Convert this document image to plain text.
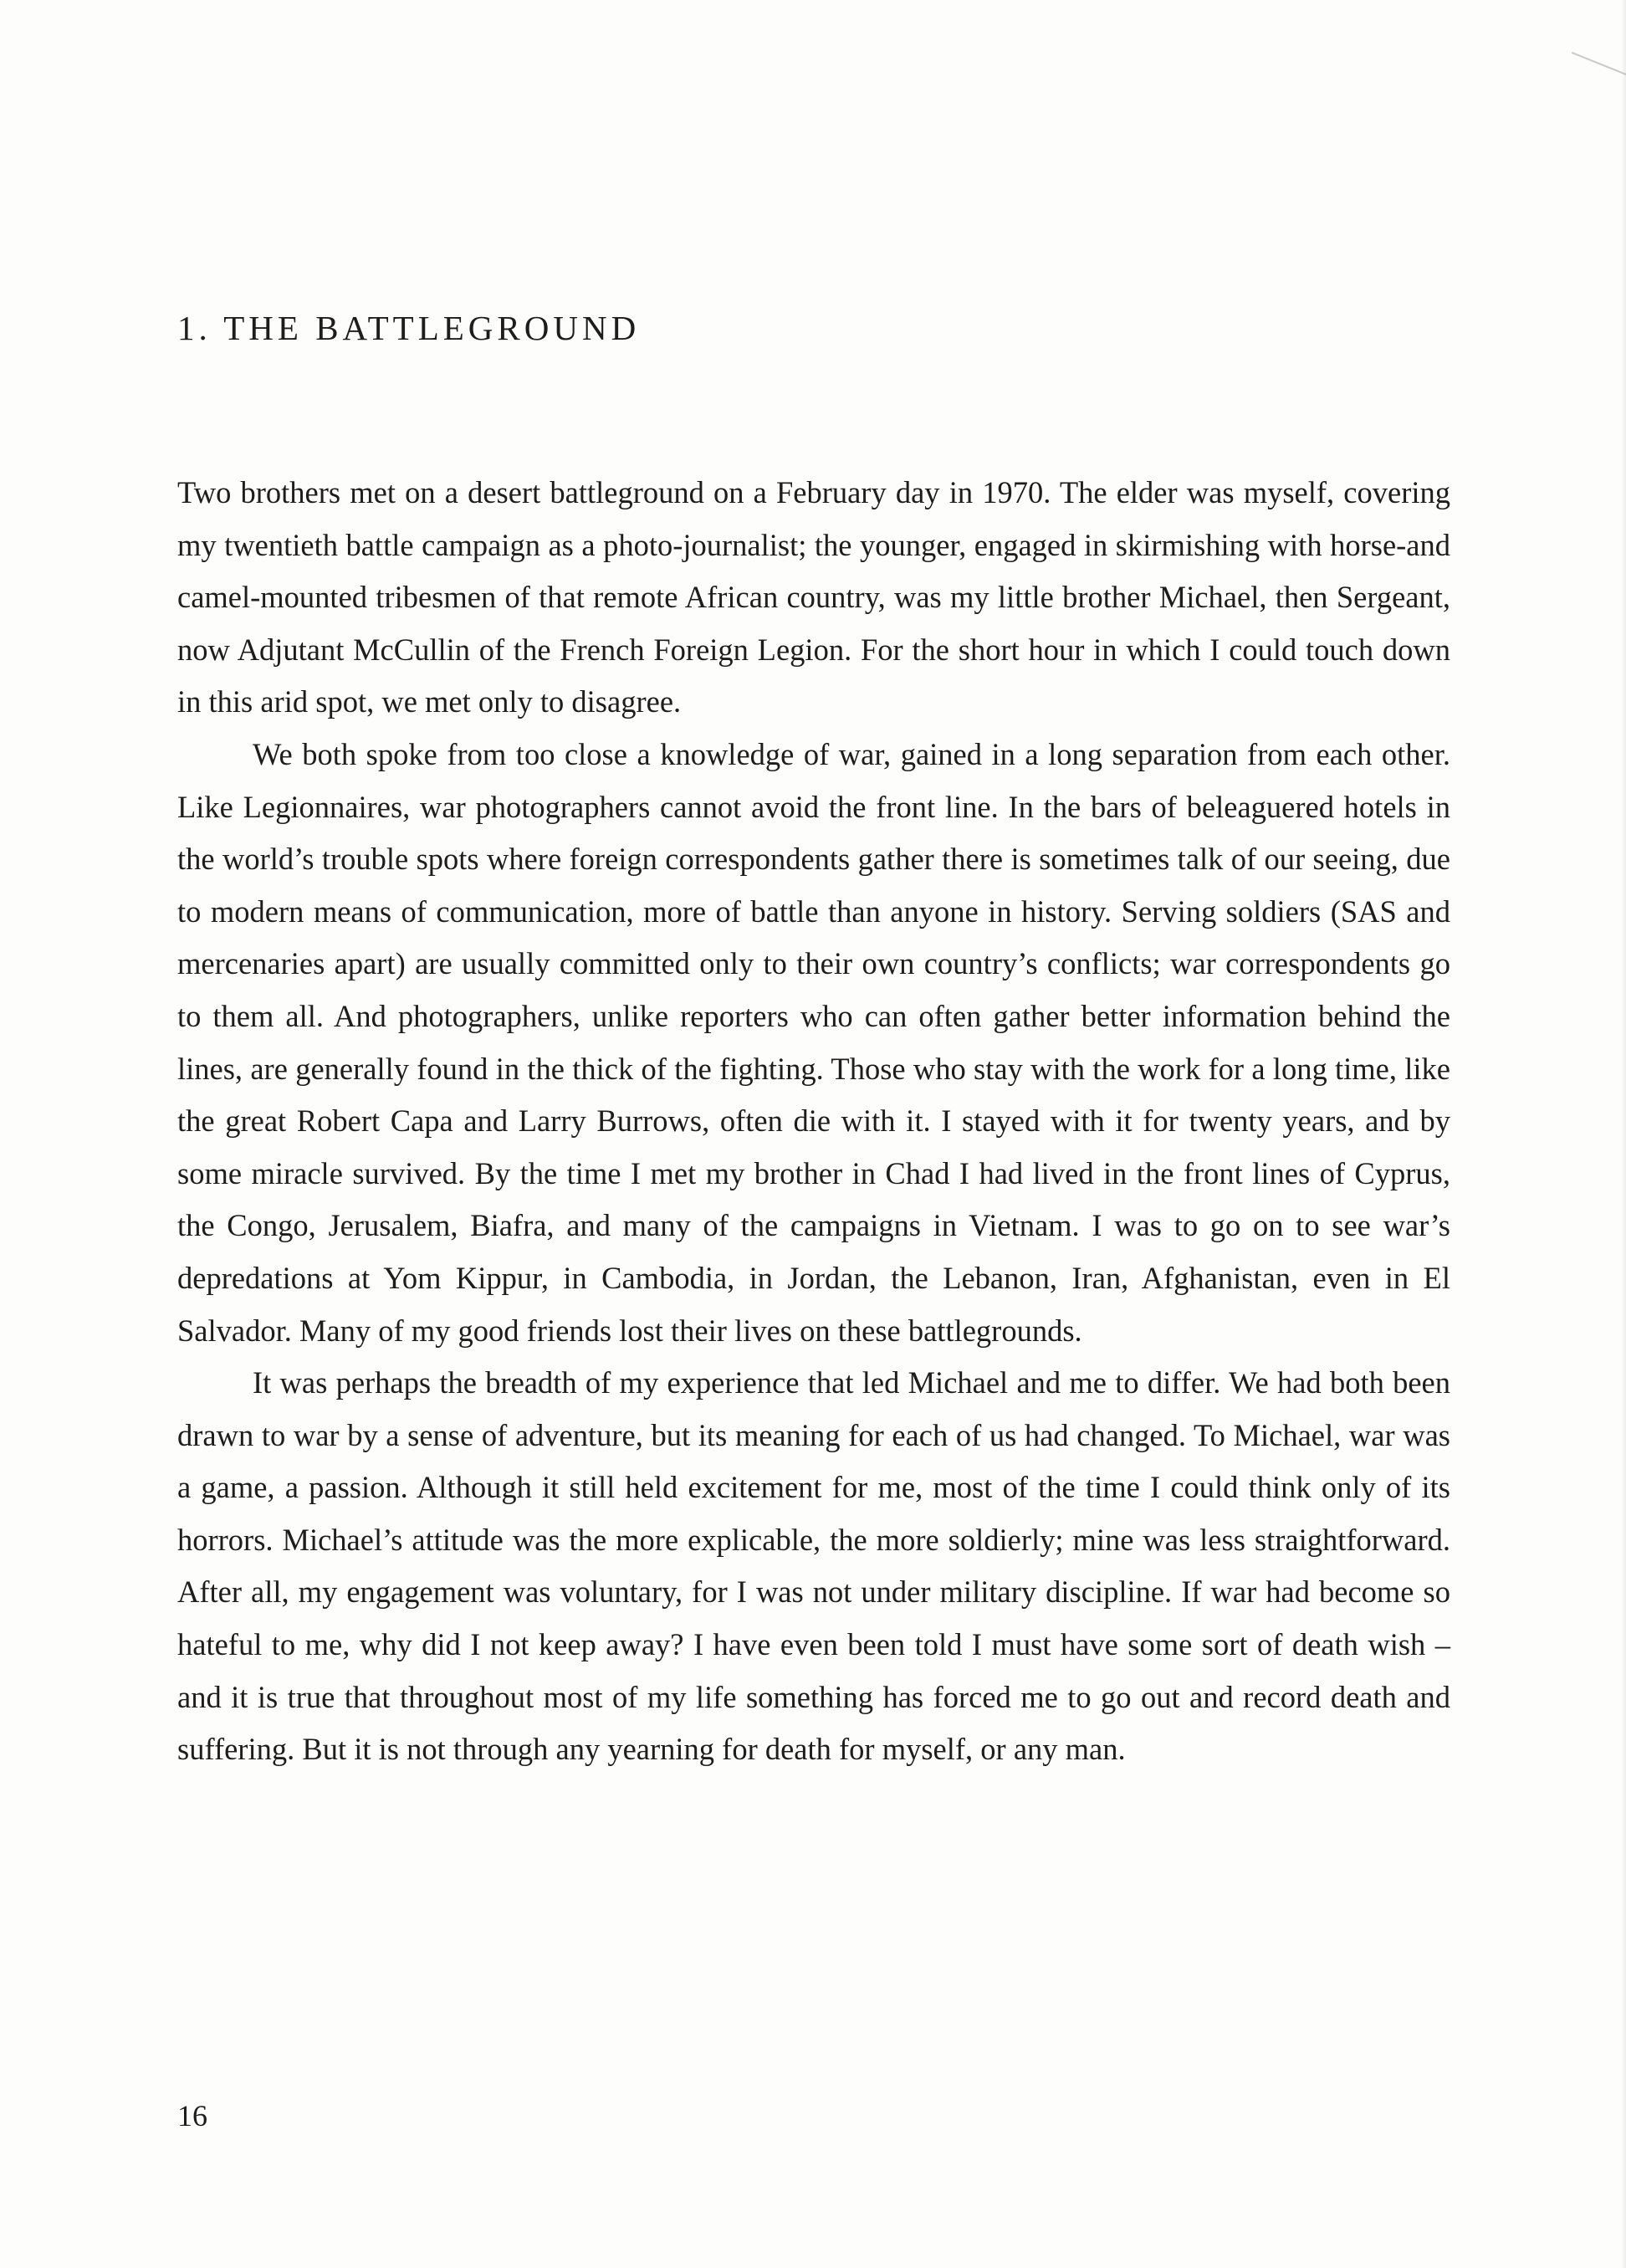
1. THE BATTLEGROUND

Two brothers met on a desert battleground on a February day in 1970. The elder was myself, covering my twentieth battle campaign as a photo-journalist; the younger, engaged in skirmishing with horse-and camel-mounted tribesmen of that remote African country, was my little brother Michael, then Sergeant, now Adjutant McCullin of the French Foreign Legion. For the short hour in which I could touch down in this arid spot, we met only to disagree.

We both spoke from too close a knowledge of war, gained in a long separation from each other. Like Legionnaires, war photographers cannot avoid the front line. In the bars of beleaguered hotels in the world’s trouble spots where foreign correspondents gather there is sometimes talk of our seeing, due to modern means of communication, more of battle than anyone in history. Serving soldiers (SAS and mercenaries apart) are usually committed only to their own country’s conflicts; war correspondents go to them all. And photographers, unlike reporters who can often gather better information behind the lines, are generally found in the thick of the fighting. Those who stay with the work for a long time, like the great Robert Capa and Larry Burrows, often die with it. I stayed with it for twenty years, and by some miracle survived. By the time I met my brother in Chad I had lived in the front lines of Cyprus, the Congo, Jerusalem, Biafra, and many of the campaigns in Vietnam. I was to go on to see war’s depredations at Yom Kippur, in Cambodia, in Jordan, the Lebanon, Iran, Afghanistan, even in El Salvador. Many of my good friends lost their lives on these battlegrounds.

It was perhaps the breadth of my experience that led Michael and me to differ. We had both been drawn to war by a sense of adventure, but its meaning for each of us had changed. To Michael, war was a game, a passion. Although it still held excitement for me, most of the time I could think only of its horrors. Michael’s attitude was the more explicable, the more soldierly; mine was less straightforward. After all, my engagement was voluntary, for I was not under military discipline. If war had become so hateful to me, why did I not keep away? I have even been told I must have some sort of death wish – and it is true that throughout most of my life something has forced me to go out and record death and suffering. But it is not through any yearning for death for myself, or any man.

16
